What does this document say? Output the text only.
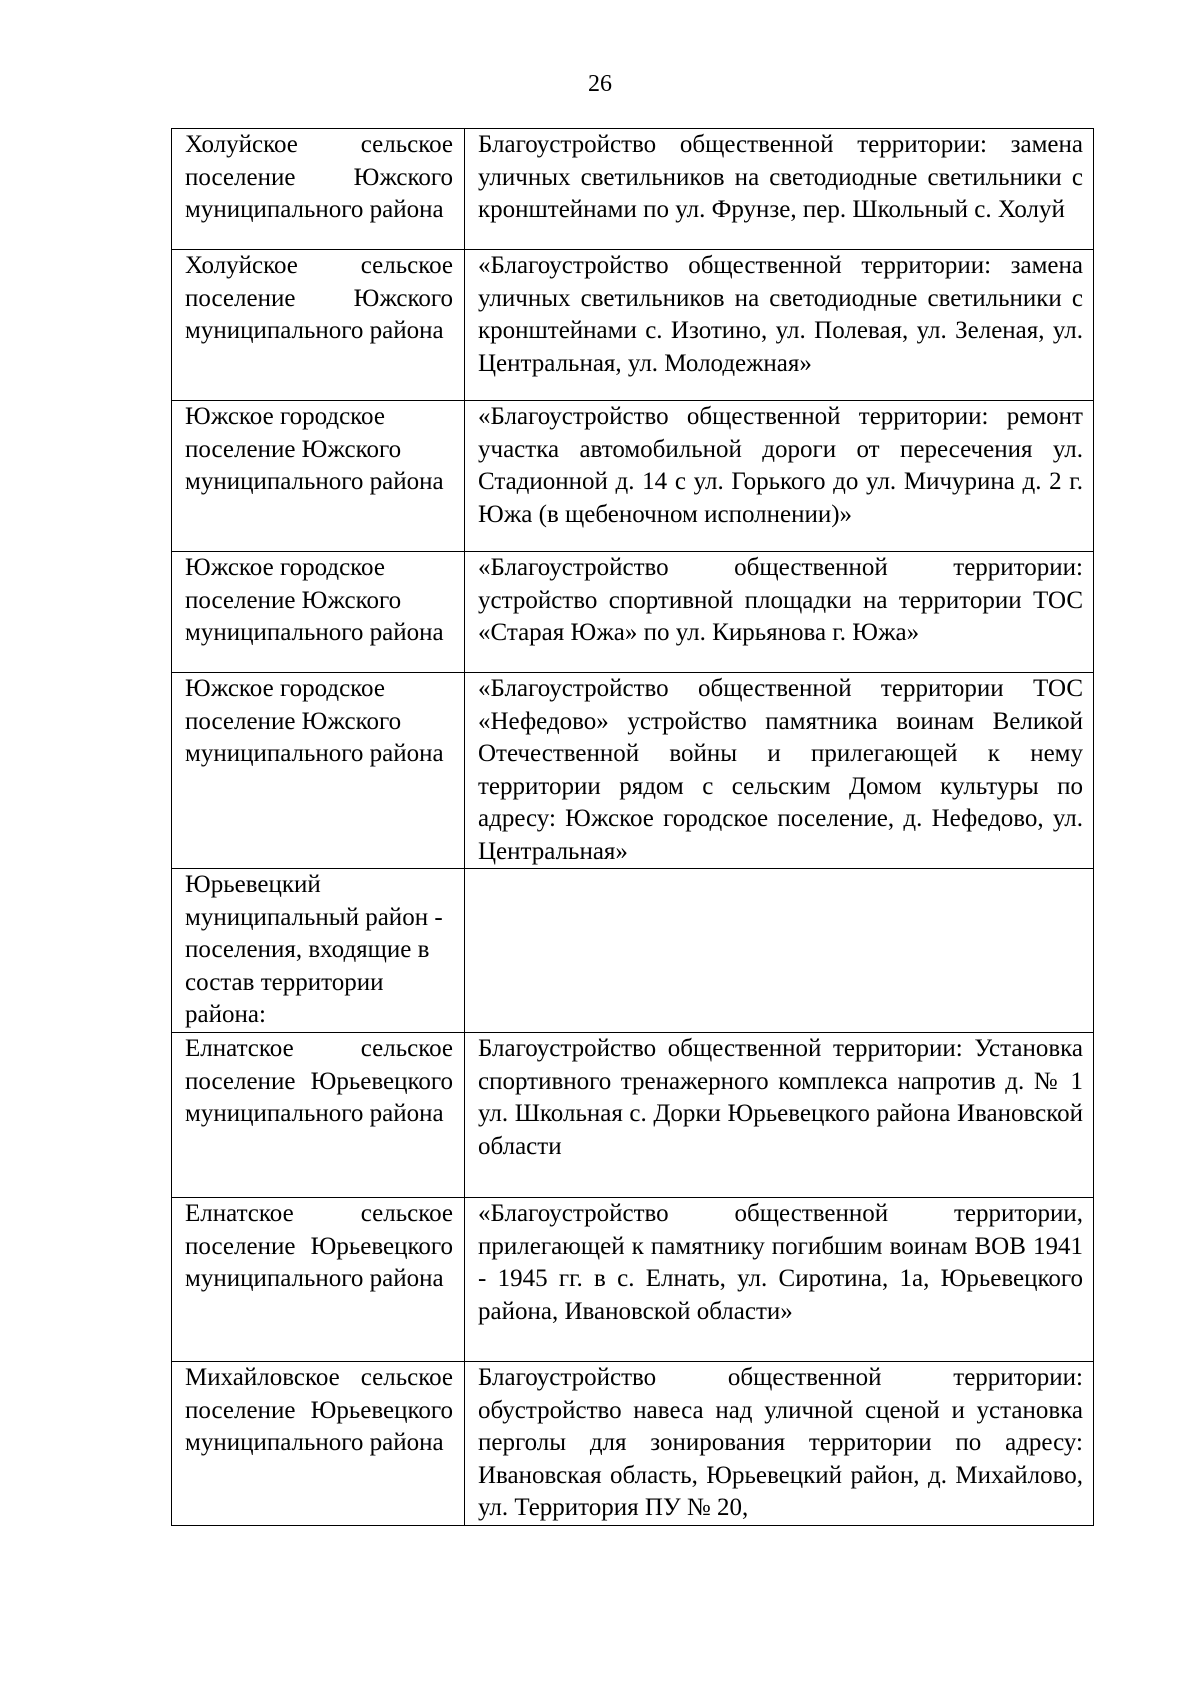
26
Холуйское сельское поселение Южского муниципального района	Благоустройство общественной территории: замена уличных светильников на светодиодные светильники с кронштейнами по ул. Фрунзе, пер. Школьный с. Холуй
Холуйское сельское поселение Южского муниципального района	«Благоустройство общественной территории: замена уличных светильников на светодиодные светильники с кронштейнами с. Изотино, ул. Полевая, ул. Зеленая, ул. Центральная, ул. Молодежная»
Южское городское поселение Южского муниципального района	«Благоустройство общественной территории: ремонт участка автомобильной дороги от пересечения ул. Стадионной д. 14 с ул. Горького до ул. Мичурина д. 2 г. Южа (в щебеночном исполнении)»
Южское городское поселение Южского муниципального района	«Благоустройство общественной территории: устройство спортивной площадки на территории ТОС «Старая Южа» по ул. Кирьянова г. Южа»
Южское городское поселение Южского муниципального района	«Благоустройство общественной территории ТОС «Нефедово» устройство памятника воинам Великой Отечественной войны и прилегающей к нему территории рядом с сельским Домом культуры по адресу: Южское городское поселение, д. Нефедово, ул. Центральная»
Юрьевецкий муниципальный район - поселения, входящие в состав территории района:	
Елнатское сельское поселение Юрьевецкого муниципального района	Благоустройство общественной территории: Установка спортивного тренажерного комплекса напротив д. № 1 ул. Школьная с. Дорки Юрьевецкого района Ивановской области
Елнатское сельское поселение Юрьевецкого муниципального района	«Благоустройство общественной территории, прилегающей к памятнику погибшим воинам ВОВ 1941 - 1945 гг. в с. Елнать, ул. Сиротина, 1а, Юрьевецкого района, Ивановской области»
Михайловское сельское поселение Юрьевецкого муниципального района	Благоустройство общественной территории: обустройство навеса над уличной сценой и установка перголы для зонирования территории по адресу: Ивановская область, Юрьевецкий район, д. Михайлово, ул. Территория ПУ № 20,
